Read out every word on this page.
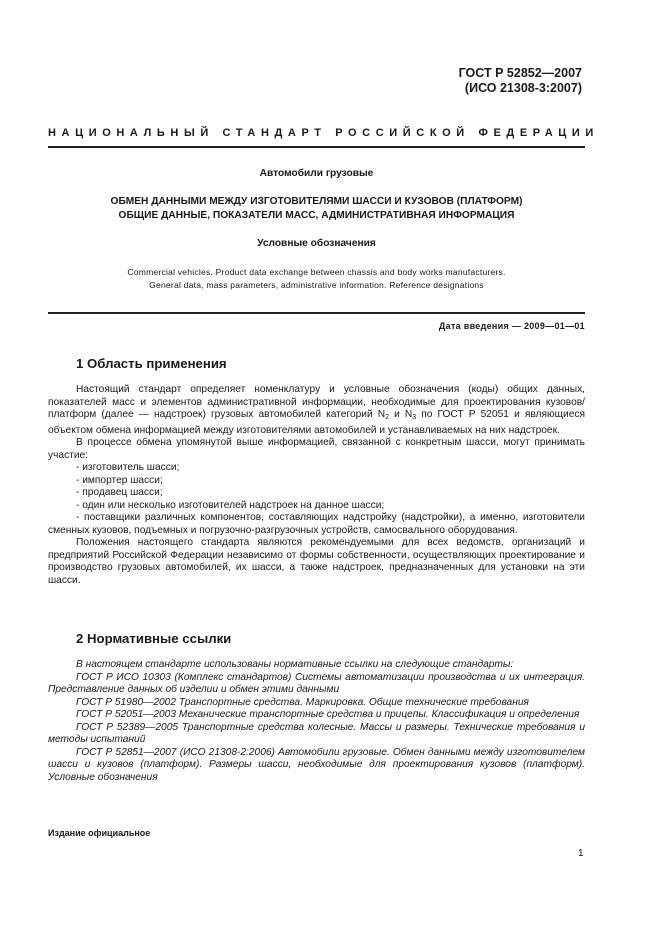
ГОСТ Р 52852—2007
(ИСО 21308-3:2007)
НАЦИОНАЛЬНЫЙ СТАНДАРТ РОССИЙСКОЙ ФЕДЕРАЦИИ
Автомобили грузовые
ОБМЕН ДАННЫМИ МЕЖДУ ИЗГОТОВИТЕЛЯМИ ШАССИ И КУЗОВОВ (ПЛАТФОРМ)
ОБЩИЕ ДАННЫЕ, ПОКАЗАТЕЛИ МАСС, АДМИНИСТРАТИВНАЯ ИНФОРМАЦИЯ
Условные обозначения
Commercial vehicles. Product data exchange between chassis and body works manufacturers.
General data, mass parameters, administrative information. Reference designations
Дата введения — 2009—01—01
1 Область применения

Настоящий стандарт определяет номенклатуру и условные обозначения (коды) общих данных, показателей масс и элементов административной информации, необходимые для проектирования кузовов/платформ (далее — надстроек) грузовых автомобилей категорий $N_2$ и $N_3$ по ГОСТ Р 52051 и являющиеся объектом обмена информацией между изготовителями автомобилей и устанавливаемых на них надстроек.

В процессе обмена упомянутой выше информацией, связанной с конкретным шасси, могут принимать участие:

- изготовитель шасси;

- импортер шасси;

- продавец шасси;

- один или несколько изготовителей надстроек на данное шасси;

- поставщики различных компонентов, составляющих надстройку (надстройки), а именно, изготовители сменных кузовов, подъемных и погрузочно-разгрузочных устройств, самосвального оборудования.

Положения настоящего стандарта являются рекомендуемыми для всех ведомств, организаций и предприятий Российской Федерации независимо от формы собственности, осуществляющих проектирование и производство грузовых автомобилей, их шасси, а также надстроек, предназначенных для установки на эти шасси.

2 Нормативные ссылки

В настоящем стандарте использованы нормативные ссылки на следующие стандарты:

ГОСТ Р ИСО 10303 (Комплекс стандартов) Системы автоматизации производства и их интеграция. Представление данных об изделии и обмен этими данными

ГОСТ Р 51980—2002 Транспортные средства. Маркировка. Общие технические требования

ГОСТ Р 52051—2003 Механические транспортные средства и прицепы. Классификация и определения

ГОСТ Р 52389—2005 Транспортные средства колесные. Массы и размеры. Технические требования и методы испытаний

ГОСТ Р 52851—2007 (ИСО 21308-2:2006) Автомобили грузовые. Обмен данными между изготовителем шасси и кузовов (платформ). Размеры шасси, необходимые для проектирования кузовов (платформ). Условные обозначения

Издание официальное
1
